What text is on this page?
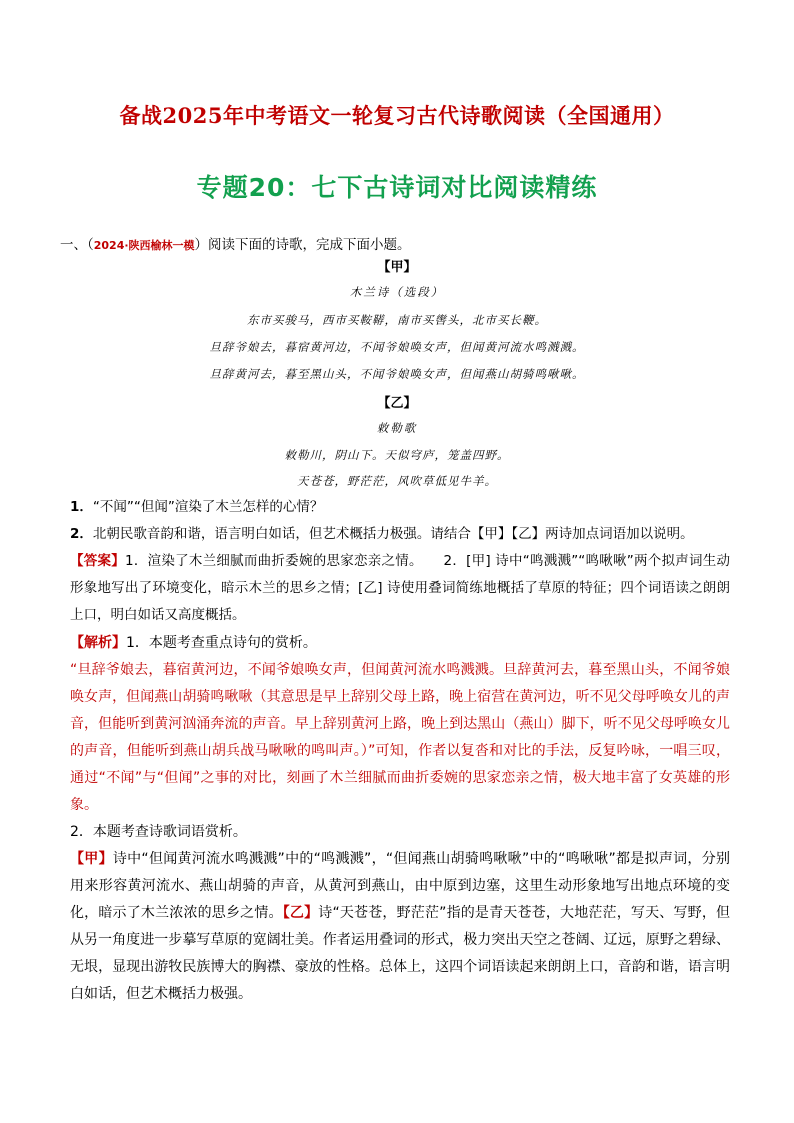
备战2025年中考语文一轮复习古代诗歌阅读（全国通用）
专题20：七下古诗词对比阅读精练
一、（2024·陕西榆林一模）阅读下面的诗歌，完成下面小题。
【甲】
木兰诗（选段）
东市买骏马，西市买鞍鞯，南市买辔头，北市买长鞭。
旦辞爷娘去，暮宿黄河边，不闻爷娘唤女声，但闻黄河流水鸣溅溅。
旦辞黄河去，暮至黑山头，不闻爷娘唤女声，但闻燕山胡骑鸣啾啾。
【乙】
敕勒歌
敕勒川，阴山下。天似穹庐，笼盖四野。
天苍苍，野茫茫，风吹草低见牛羊。
1．“不闻”“但闻”渲染了木兰怎样的心情？
2．北朝民歌音韵和谐，语言明白如话，但艺术概括力极强。请结合【甲】【乙】两诗加点词语加以说明。
【答案】1．渲染了木兰细腻而曲折委婉的思家恋亲之情。　　2．[甲] 诗中“鸣溅溅”“鸣啾啾”两个拟声词生动形象地写出了环境变化，暗示木兰的思乡之情；[乙] 诗使用叠词简练地概括了草原的特征；四个词语读之朗朗上口，明白如话又高度概括。
【解析】1．本题考查重点诗句的赏析。
“旦辞爷娘去，暮宿黄河边，不闻爷娘唤女声，但闻黄河流水鸣溅溅。旦辞黄河去，暮至黑山头，不闻爷娘唤女声，但闻燕山胡骑鸣啾啾（其意思是早上辞别父母上路，晚上宿营在黄河边，听不见父母呼唤女儿的声音，但能听到黄河汹涌奔流的声音。早上辞别黄河上路，晚上到达黑山（燕山）脚下，听不见父母呼唤女儿的声音，但能听到燕山胡兵战马啾啾的鸣叫声。）”可知，作者以复沓和对比的手法，反复吟咏，一唱三叹，通过“不闻”与“但闻”之事的对比，刻画了木兰细腻而曲折委婉的思家恋亲之情，极大地丰富了女英雄的形象。
2．本题考查诗歌词语赏析。
【甲】诗中“但闻黄河流水鸣溅溅”中的“鸣溅溅”，“但闻燕山胡骑鸣啾啾”中的“鸣啾啾”都是拟声词，分别用来形容黄河流水、燕山胡骑的声音，从黄河到燕山，由中原到边塞，这里生动形象地写出地点环境的变化，暗示了木兰浓浓的思乡之情。【乙】诗“天苍苍，野茫茫”指的是青天苍苍，大地茫茫，写天、写野，但从另一角度进一步摹写草原的宽阔壮美。作者运用叠词的形式，极力突出天空之苍阔、辽远，原野之碧绿、无垠，显现出游牧民族博大的胸襟、豪放的性格。总体上，这四个词语读起来朗朗上口，音韵和谐，语言明白如话，但艺术概括力极强。
